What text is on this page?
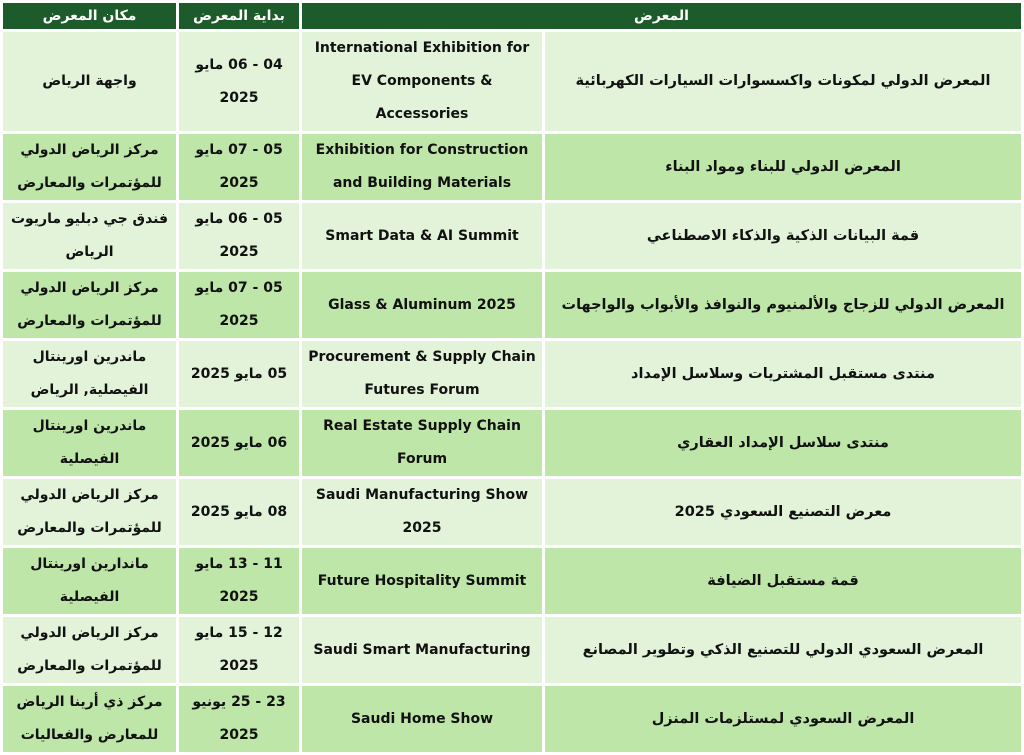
مكان المعرض	بداية المعرض	المعرض	
واجهة الرياض	04 - 06 مايو 2025	International Exhibition for EV Components & Accessories	المعرض الدولي لمكونات واكسسوارات السيارات الكهربائية
مركز الرياض الدولي للمؤتمرات والمعارض	05 - 07 مايو 2025	Exhibition for Construction and Building Materials	المعرض الدولي للبناء ومواد البناء
فندق جي دبليو ماريوت الرياض	05 - 06 مايو 2025	Smart Data & AI Summit	قمة البيانات الذكية والذكاء الاصطناعي
مركز الرياض الدولي للمؤتمرات والمعارض	05 - 07 مايو 2025	Glass & Aluminum 2025	المعرض الدولي للزجاج والألمنيوم والنوافذ والأبواب والواجهات
ماندرين اورينتال الفيصلية, الرياض	05 مايو 2025	Procurement & Supply Chain Futures Forum	منتدى مستقبل المشتريات وسلاسل الإمداد
ماندرين اورينتال الفيصلية	06 مايو 2025	Real Estate Supply Chain Forum	منتدى سلاسل الإمداد العقاري
مركز الرياض الدولي للمؤتمرات والمعارض	08 مايو 2025	Saudi Manufacturing Show 2025	معرض التصنيع السعودي 2025
ماندارين اورينتال الفيصلية	11 - 13 مايو 2025	Future Hospitality Summit	قمة مستقبل الضيافة
مركز الرياض الدولي للمؤتمرات والمعارض	12 - 15 مايو 2025	Saudi Smart Manufacturing	المعرض السعودي الدولي للتصنيع الذكي وتطوير المصانع
مركز ذي أرينا الرياض للمعارض والفعاليات	23 - 25 يونيو 2025	Saudi Home Show	المعرض السعودي لمستلزمات المنزل
